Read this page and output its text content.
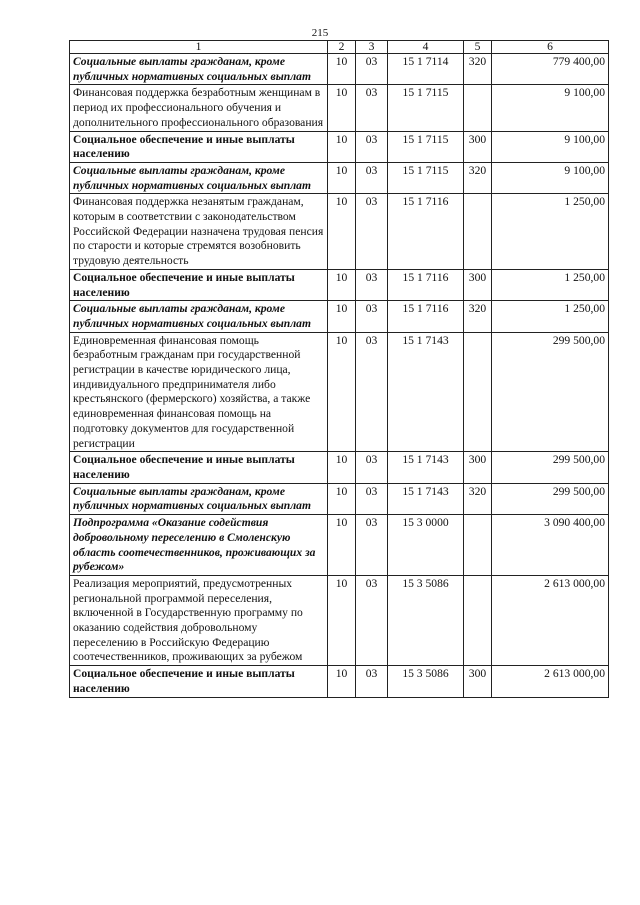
215
1	2	3	4	5	6
Социальные выплаты гражданам, кроме публичных нормативных социальных выплат	10	03	15 1 7114	320	779 400,00
Финансовая поддержка безработным женщинам в период их профессионального обучения и дополнительного профессионального образования	10	03	15 1 7115		9 100,00
Социальное обеспечение и иные выплаты населению	10	03	15 1 7115	300	9 100,00
Социальные выплаты гражданам, кроме публичных нормативных социальных выплат	10	03	15 1 7115	320	9 100,00
Финансовая поддержка незанятым гражданам, которым в соответствии с законодательством Российской Федерации назначена трудовая пенсия по старости и которые стремятся возобновить трудовую деятельность	10	03	15 1 7116		1 250,00
Социальное обеспечение и иные выплаты населению	10	03	15 1 7116	300	1 250,00
Социальные выплаты гражданам, кроме публичных нормативных социальных выплат	10	03	15 1 7116	320	1 250,00
Единовременная финансовая помощь безработным гражданам при государственной регистрации в качестве юридического лица, индивидуального предпринимателя либо крестьянского (фермерского) хозяйства, а также единовременная финансовая помощь на подготовку документов для государственной регистрации	10	03	15 1 7143		299 500,00
Социальное обеспечение и иные выплаты населению	10	03	15 1 7143	300	299 500,00
Социальные выплаты гражданам, кроме публичных нормативных социальных выплат	10	03	15 1 7143	320	299 500,00
Подпрограмма «Оказание содействия добровольному переселению в Смоленскую область соотечественников, проживающих за рубежом»	10	03	15 3 0000		3 090 400,00
Реализация мероприятий, предусмотренных региональной программой переселения, включенной в Государственную программу по оказанию содействия добровольному переселению в Российскую Федерацию соотечественников, проживающих за рубежом	10	03	15 3 5086		2 613 000,00
Социальное обеспечение и иные выплаты населению	10	03	15 3 5086	300	2 613 000,00
